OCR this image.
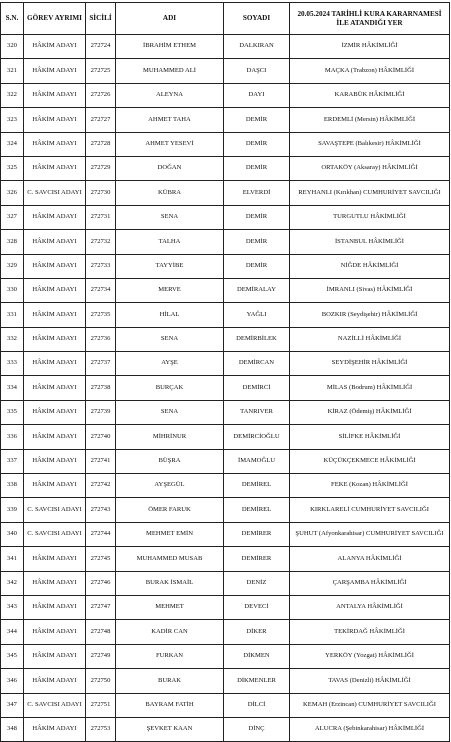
S.N.	GÖREV AYRIMI	SİCİLİ	ADI	SOYADI	20.05.2024 TARİHLİ KURA KARARNAMESİ İLE ATANDIĞI YER
320	HÂKİM ADAYI	272724	İBRAHİM ETHEM	DALKIRAN	İZMİR HÂKİMLİĞİ
321	HÂKİM ADAYI	272725	MUHAMMED ALİ	DAŞCI	MAÇKA (Trabzon) HÂKİMLİĞİ
322	HÂKİM ADAYI	272726	ALEYNA	DAYI	KARABÜK HÂKİMLİĞİ
323	HÂKİM ADAYI	272727	AHMET TAHA	DEMİR	ERDEMLİ (Mersin) HÂKİMLİĞİ
324	HÂKİM ADAYI	272728	AHMET YESEVİ	DEMİR	SAVAŞTEPE (Balıkesir) HÂKİMLİĞİ
325	HÂKİM ADAYI	272729	DOĞAN	DEMİR	ORTAKÖY (Aksaray) HÂKİMLİĞİ
326	C. SAVCISI ADAYI	272730	KÜBRA	ELVERDİ	REYHANLI (Kırıkhan) CUMHURİYET SAVCILIĞI
327	HÂKİM ADAYI	272731	SENA	DEMİR	TURGUTLU HÂKİMLİĞİ
328	HÂKİM ADAYI	272732	TALHA	DEMİR	İSTANBUL HÂKİMLİĞİ
329	HÂKİM ADAYI	272733	TAYYİBE	DEMİR	NİĞDE HÂKİMLİĞİ
330	HÂKİM ADAYI	272734	MERVE	DEMİRALAY	İMRANLI (Sivas) HÂKİMLİĞİ
331	HÂKİM ADAYI	272735	HİLAL	YAĞLI	BOZKIR (Seydişehir) HÂKİMLİĞİ
332	HÂKİM ADAYI	272736	SENA	DEMİRBİLEK	NAZİLLİ HÂKİMLİĞİ
333	HÂKİM ADAYI	272737	AYŞE	DEMİRCAN	SEYDİŞEHİR HÂKİMLİĞİ
334	HÂKİM ADAYI	272738	BURÇAK	DEMİRCİ	MİLAS (Bodrum) HÂKİMLİĞİ
335	HÂKİM ADAYI	272739	SENA	TANRIVER	KİRAZ (Ödemiş) HÂKİMLİĞİ
336	HÂKİM ADAYI	272740	MİHRİNUR	DEMİRCİOĞLU	SİLİFKE HÂKİMLİĞİ
337	HÂKİM ADAYI	272741	BÜŞRA	İMAMOĞLU	KÜÇÜKÇEKMECE HÂKİMLİĞİ
338	HÂKİM ADAYI	272742	AYŞEGÜL	DEMİREL	FEKE (Kozan) HÂKİMLİĞİ
339	C. SAVCISI ADAYI	272743	ÖMER FARUK	DEMİREL	KIRKLARELİ CUMHURİYET SAVCILIĞI
340	C. SAVCISI ADAYI	272744	MEHMET EMİN	DEMİRER	ŞUHUT (Afyonkarahisar) CUMHURİYET SAVCILIĞI
341	HÂKİM ADAYI	272745	MUHAMMED MUSAB	DEMİRER	ALANYA HÂKİMLİĞİ
342	HÂKİM ADAYI	272746	BURAK İSMAİL	DENİZ	ÇARŞAMBA HÂKİMLİĞİ
343	HÂKİM ADAYI	272747	MEHMET	DEVECİ	ANTALYA HÂKİMLİĞİ
344	HÂKİM ADAYI	272748	KADİR CAN	DİKER	TEKİRDAĞ HÂKİMLİĞİ
345	HÂKİM ADAYI	272749	FURKAN	DİKMEN	YERKÖY (Yozgat) HÂKİMLİĞİ
346	HÂKİM ADAYI	272750	BURAK	DİKMENLER	TAVAS (Denizli) HÂKİMLİĞİ
347	C. SAVCISI ADAYI	272751	BAYRAM FATİH	DİLCİ	KEMAH (Erzincan) CUMHURİYET SAVCILIĞI
348	HÂKİM ADAYI	272753	ŞEVKET KAAN	DİNÇ	ALUCRA (Şebinkarahisar) HÂKİMLİĞİ
